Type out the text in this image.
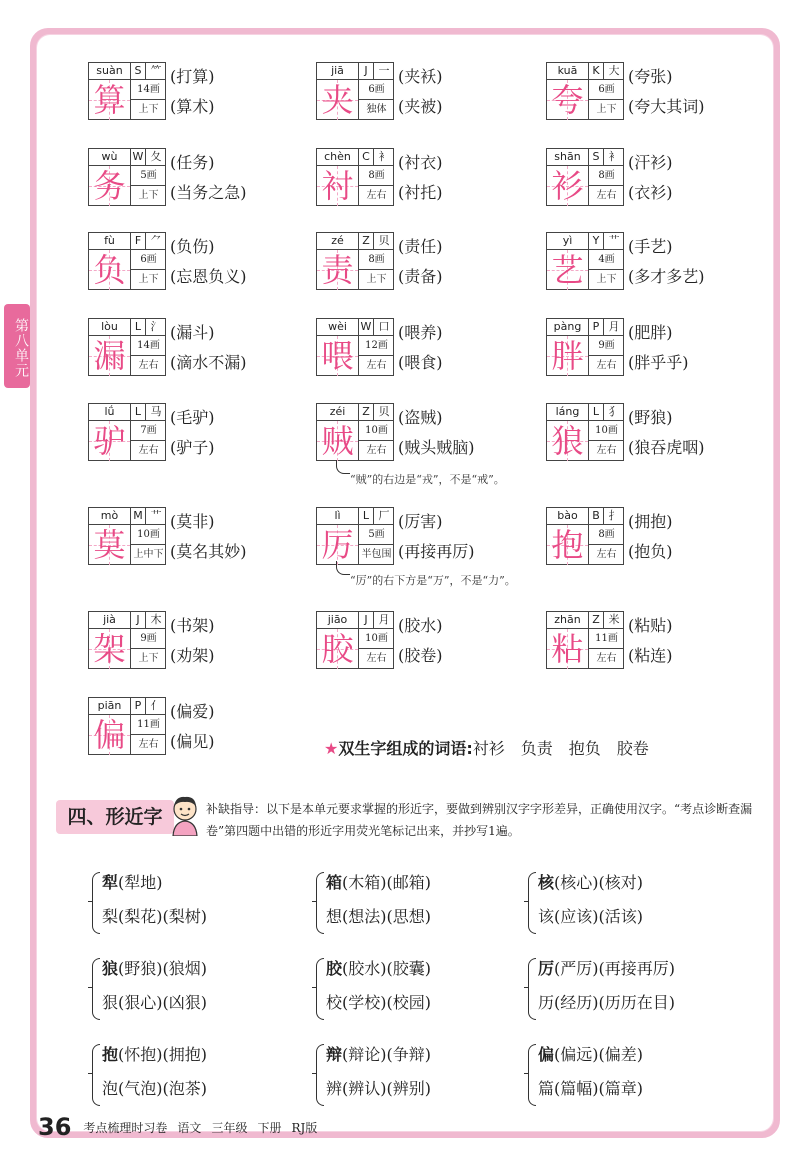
第八单元
suàn	S ⺮
算	14画
上下
(打算)
(算术)
jiā	J 一
夹	6画
独体
(夹袄)
(夹被)
kuā	K 大
夸	6画
上下
(夸张)
(夸大其词)
wù	W 夂
务	5画
上下
(任务)
(当务之急)
chèn	C 衤
衬	8画
左右
(衬衣)
(衬托)
shān	S 衤
衫	8画
左右
(汗衫)
(衣衫)
fù	F ⺈
负	6画
上下
(负伤)
(忘恩负义)
zé	Z 贝
责	8画
上下
(责任)
(责备)
yì	Y 艹
艺	4画
上下
(手艺)
(多才多艺)
lòu	L 氵
漏	14画
左右
(漏斗)
(滴水不漏)
wèi	W 口
喂	12画
左右
(喂养)
(喂食)
pàng	P 月
胖	9画
左右
(肥胖)
(胖乎乎)
lǘ	L 马
驴	7画
左右
(毛驴)
(驴子)
zéi	Z 贝
贼	10画
左右
(盗贼)
(贼头贼脑)
láng	L 犭
狼	10画
左右
(野狼)
(狼吞虎咽)
mò	M 艹
莫	10画
上中下
(莫非)
(莫名其妙)
lì	L 厂
厉	5画
半包围
(厉害)
(再接再厉)
bào	B 扌
抱	8画
左右
(拥抱)
(抱负)
jià	J 木
架	9画
上下
(书架)
(劝架)
jiāo	J 月
胶	10画
左右
(胶水)
(胶卷)
zhān	Z 米
粘	11画
左右
(粘贴)
(粘连)
piān	P 亻
偏	11画
左右
(偏爱)
(偏见)
“贼”的右边是“戎”，不是“戒”。
“厉”的右下方是“万”，不是“力”。
★双生字组成的词语:衬衫　负责　抱负　胶卷
四、形近字	补缺指导：以下是本单元要求掌握的形近字，要做到辨别汉字字形差异，正确使用汉字。“考点诊断查漏卷”第四题中出错的形近字用荧光笔标记出来，并抄写1遍。
犁(犁地)
梨(梨花)(梨树)
箱(木箱)(邮箱)
想(想法)(思想)
核(核心)(核对)
该(应该)(活该)
狼(野狼)(狼烟)
狠(狠心)(凶狠)
胶(胶水)(胶囊)
校(学校)(校园)
厉(严厉)(再接再厉)
历(经历)(历历在目)
抱(怀抱)(拥抱)
泡(气泡)(泡茶)
辩(辩论)(争辩)
辨(辨认)(辨别)
偏(偏远)(偏差)
篇(篇幅)(篇章)
36 考点梳理时习卷 语文 三年级 下册 RJ版
